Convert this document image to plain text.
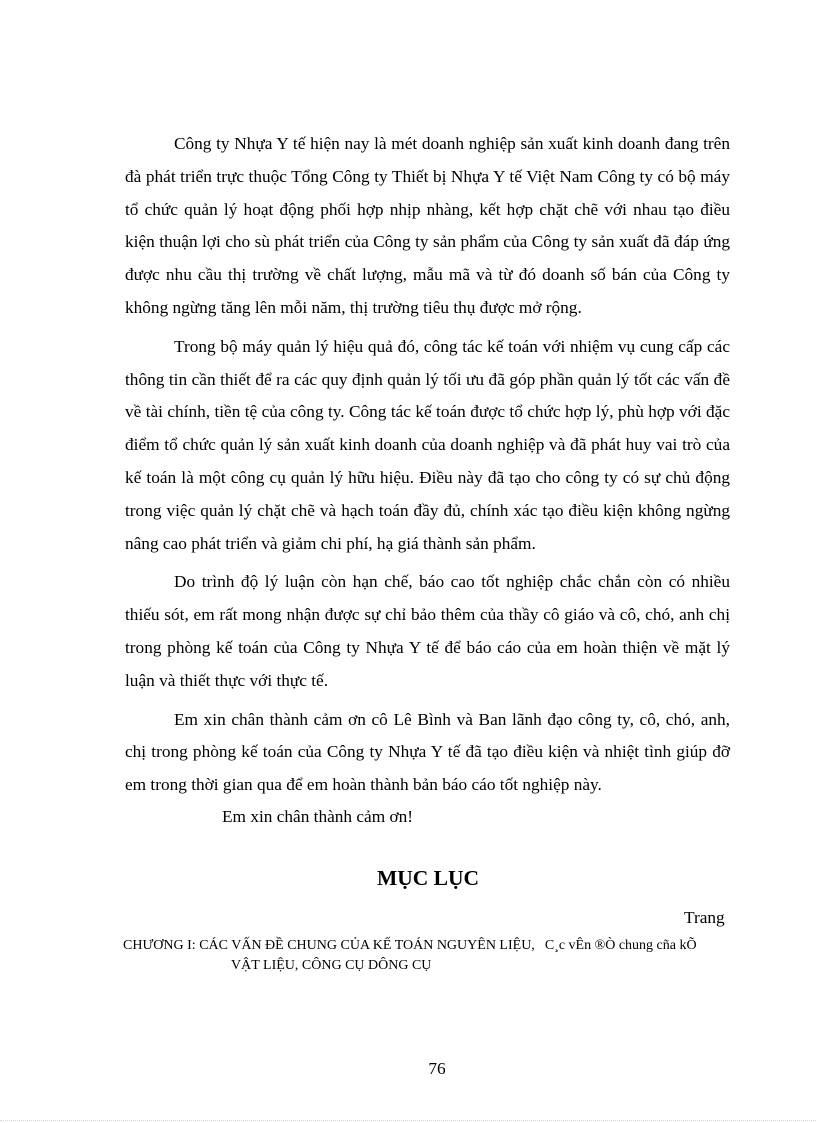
Công ty Nhựa Y tế hiện nay là mét doanh nghiệp sản xuất kinh doanh đang trên đà phát triển trực thuộc Tổng Công ty Thiết bị Nhựa Y tế Việt Nam Công ty có bộ máy tổ chức quản lý hoạt động phối hợp nhịp nhàng, kết hợp chặt chẽ với nhau tạo điều kiện thuận lợi cho sù phát triển của Công ty sản phẩm của Công ty sản xuất đã đáp ứng được nhu cầu thị trường về chất lượng, mẫu mã và từ đó doanh số bán của Công ty không ngừng tăng lên mỗi năm, thị trường tiêu thụ được mở rộng.

Trong bộ máy quản lý hiệu quả đó, công tác kế toán với nhiệm vụ cung cấp các thông tin cần thiết để ra các quy định quản lý tối ưu đã góp phần quản lý tốt các vấn đề về tài chính, tiền tệ của công ty. Công tác kế toán được tổ chức hợp lý, phù hợp với đặc điểm tổ chức quản lý sản xuất kinh doanh của doanh nghiệp và đã phát huy vai trò của kế toán là một công cụ quản lý hữu hiệu. Điều này đã tạo cho công ty có sự chủ động trong việc quản lý chặt chẽ và hạch toán đầy đủ, chính xác tạo điều kiện không ngừng nâng cao phát triển và giảm chi phí, hạ giá thành sản phẩm.

Do trình độ lý luận còn hạn chế, báo cao tốt nghiệp chắc chắn còn có nhiều thiếu sót, em rất mong nhận được sự chỉ bảo thêm của thầy cô giáo và cô, chó, anh chị trong phòng kế toán của Công ty Nhựa Y tế để báo cáo của em hoàn thiện về mặt lý luận và thiết thực với thực tế.

Em xin chân thành cảm ơn cô Lê Bình và Ban lãnh đạo công ty, cô, chó, anh, chị trong phòng kế toán của Công ty Nhựa Y tế đã tạo điều kiện và nhiệt tình giúp đỡ em trong thời gian qua để em hoàn thành bản báo cáo tốt nghiệp này.

Em xin chân thành cảm ơn!
MỤC LỤC
Trang
CHƯƠNG I: CÁC VẤN ĐỀ CHUNG CỦA KẾ TOÁN NGUYÊN LIỆU, C¸c vÊn ®Ò chung cña kÕ
VẬT LIỆU, CÔNG CỤ DÔNG CỤ
76
